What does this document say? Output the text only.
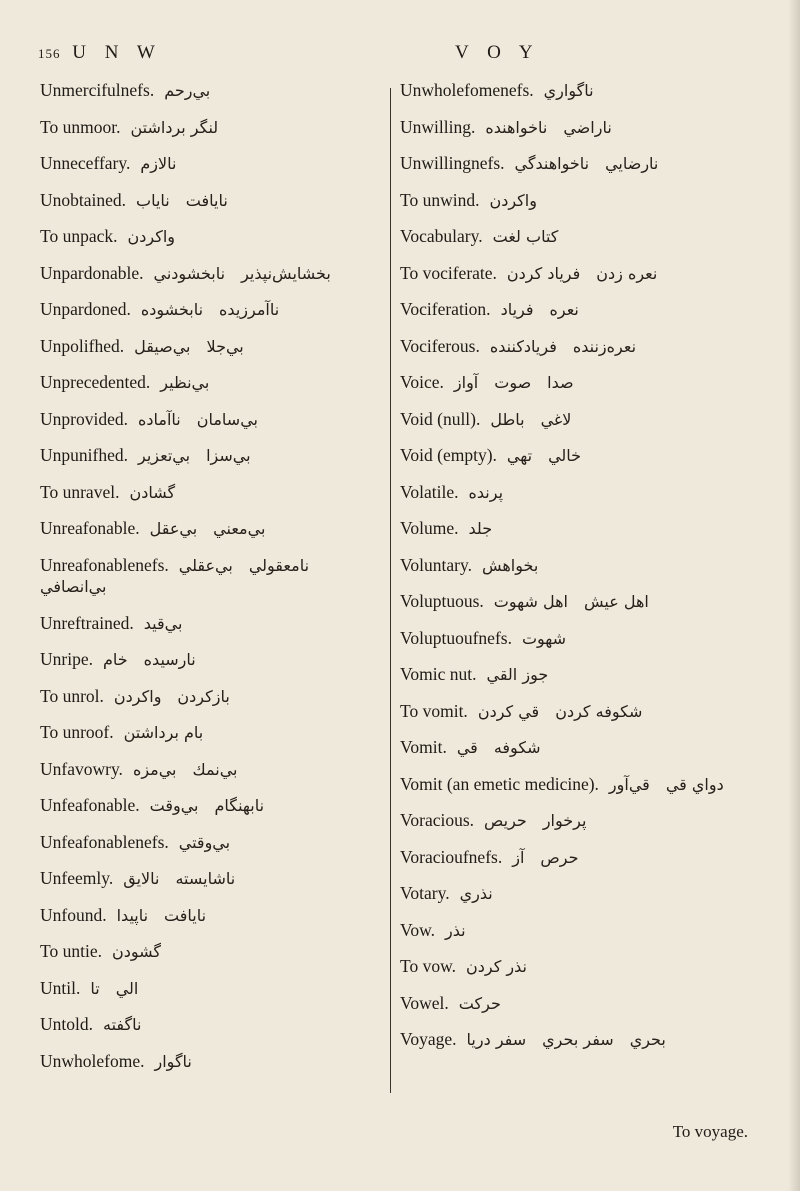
156 U N W	V O Y
Unmercifulnefs. بي‌رحم
To unmoor. لنگر برداشتن
Unneceffary. نالازم
Unobtained. ناياب نايافت
To unpack. واكردن
Unpardonable. نابخشودني بخشايش‌نپذير
Unpardoned. نابخشوده ناآمرزيده
Unpolifhed. بي‌صيقل بي‌جلا
Unprecedented. بي‌نظير
Unprovided. ناآماده بي‌سامان
Unpunifhed. بي‌تعزير بي‌سزا
To unravel. گشادن
Unreafonable. بي‌عقل بي‌معني
Unreafonablenefs. بي‌عقلي نامعقولي
بي‌انصافي
Unreftrained. بي‌قيد
Unripe. خام نارسيده
To unrol. واكردن بازكردن
To unroof. بام برداشتن
Unfavowry. بي‌مزه بي‌نمك
Unfeafonable. بي‌وقت نابهنگام
Unfeafonablenefs. بي‌وقتي
Unfeemly. نالايق ناشايسته
Unfound. ناپيدا نايافت
To untie. گشودن
Until. تا الي
Untold. ناگفته
Unwholefome. ناگوار
Unwholefomenefs. ناگواري
Unwilling. ناخواهنده ناراضي
Unwillingnefs. ناخواهندگي نارضايي
To unwind. واكردن
Vocabulary. كتاب لغت
To vociferate. فرياد كردن نعره زدن
Vociferation. فرياد نعره
Vociferous. فريادكننده نعره‌زننده
Voice. آواز صوت صدا
Void (null). باطل لاغي
Void (empty). تهي خالي
Volatile. پرنده
Volume. جلد
Voluntary. بخواهش
Voluptuous. اهل شهوت اهل عيش
Voluptuoufnefs. شهوت
Vomic nut. جوز القي
To vomit. قي كردن شكوفه كردن
Vomit. قي شكوفه
Vomit (an emetic medicine). قي‌آور دواي قي
Voracious. حريص پرخوار
Voracioufnefs. آز حرص
Votary. نذري
Vow. نذر
To vow. نذر كردن
Vowel. حركت
Voyage. سفر دريا سفر بحري بحري
To voyage.
